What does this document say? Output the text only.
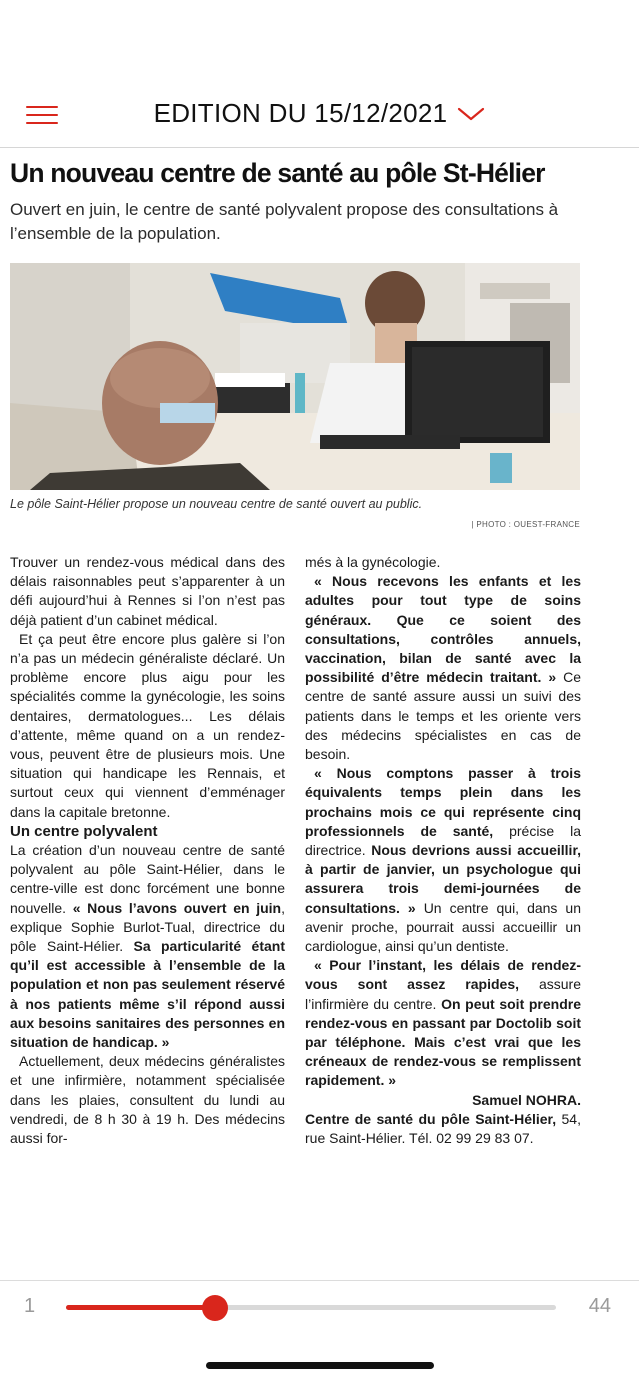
EDITION DU 15/12/2021
Un nouveau centre de santé au pôle St-Hélier

Ouvert en juin, le centre de santé polyvalent propose des consultations à l’ensemble de la population.

Le pôle Saint-Hélier propose un nouveau centre de santé ouvert au public.
| PHOTO : OUEST-FRANCE

Trouver un rendez-vous médical dans des délais raisonnables peut s’apparenter à un défi aujourd’hui à Rennes si l’on n’est pas déjà patient d’un cabinet médical.

Et ça peut être encore plus galère si l’on n’a pas un médecin généraliste déclaré. Un problème encore plus aigu pour les spécialités comme la gynécologie, les soins dentaires, dermatologues... Les délais d’attente, même quand on a un rendez-vous, peuvent être de plusieurs mois. Une situation qui handicape les Rennais, et surtout ceux qui viennent d’emménager dans la capitale bretonne.

Un centre polyvalent

La création d’un nouveau centre de santé polyvalent au pôle Saint-Hélier, dans le centre-ville est donc forcément une bonne nouvelle. « Nous l’avons ouvert en juin, explique Sophie Burlot-Tual, directrice du pôle Saint-Hélier. Sa particularité étant qu’il est accessible à l’ensemble de la population et non pas seulement réservé à nos patients même s’il répond aussi aux besoins sanitaires des personnes en situation de handicap. »

Actuellement, deux médecins généralistes et une infirmière, notamment spécialisée dans les plaies, consultent du lundi au vendredi, de 8 h 30 à 19 h. Des médecins aussi for-

més à la gynécologie.

« Nous recevons les enfants et les adultes pour tout type de soins généraux. Que ce soient des consultations, contrôles annuels, vaccination, bilan de santé avec la possibilité d’être médecin traitant. » Ce centre de santé assure aussi un suivi des patients dans le temps et les oriente vers des médecins spécialistes en cas de besoin.

« Nous comptons passer à trois équivalents temps plein dans les prochains mois ce qui représente cinq professionnels de santé, précise la directrice. Nous devrions aussi accueillir, à partir de janvier, un psychologue qui assurera trois demi-journées de consultations. » Un centre qui, dans un avenir proche, pourrait aussi accueillir un cardiologue, ainsi qu’un dentiste.

« Pour l’instant, les délais de rendez-vous sont assez rapides, assure l’infirmière du centre. On peut soit prendre rendez-vous en passant par Doctolib soit par téléphone. Mais c’est vrai que les créneaux de rendez-vous se remplissent rapidement. »

Samuel NOHRA.

Centre de santé du pôle Saint-Hélier, 54, rue Saint-Hélier. Tél. 02 99 29 83 07.

1	44
